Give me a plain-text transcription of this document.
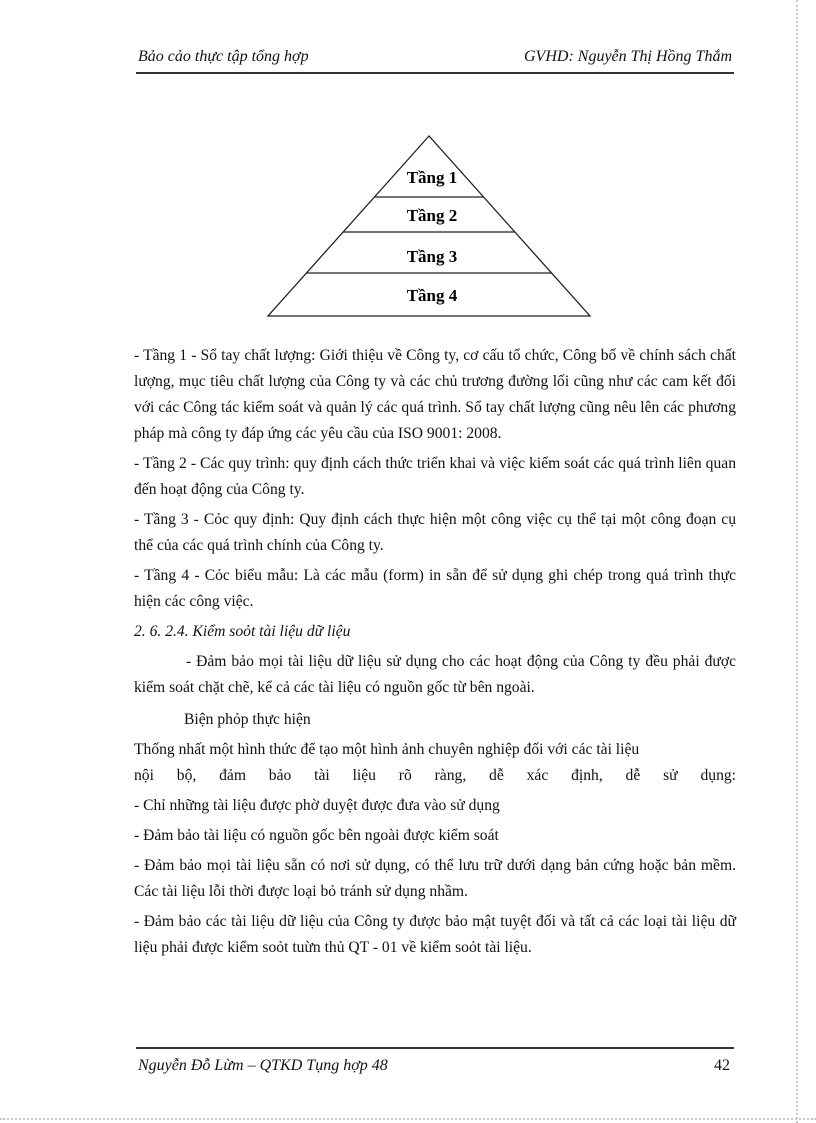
Bảo cảo thực tập tổng hợp	GVHD: Nguyễn Thị Hồng Thắm
Tầng 1
Tầng 2
Tầng 3
Tầng 4

- Tầng 1 - Sổ tay chất lượng: Giới thiệu về Công ty, cơ cấu tổ chức, Công bố về chính sách chất lượng, mục tiêu chất lượng của Công ty và các chủ trương đường lối cũng như các cam kết đối với các Công tác kiểm soát và quản lý các quá trình. Sổ tay chất lượng cũng nêu lên các phương pháp mà công ty đáp ứng các yêu cầu của ISO 9001: 2008.

- Tầng 2 - Các quy trình: quy định cách thức triển khai và việc kiểm soát các quá trình liên quan đến hoạt động của Công ty.

- Tầng 3 - Cỏc quy định: Quy định cách thực hiện một công việc cụ thể tại một công đoạn cụ thể của các quá trình chính của Công ty.

- Tầng 4 - Cỏc biểu mẫu: Là các mẫu (form) in sẵn để sử dụng ghi chép trong quá trình thực hiện các công việc.

2. 6. 2.4. Kiểm soỏt tài liệu dữ liệu

- Đảm bảo mọi tài liệu dữ liệu sử dụng cho các hoạt động của Công ty đều phải được kiểm soát chặt chẽ, kể cả các tài liệu có nguồn gốc từ bên ngoài.

Biện phỏp thực hiện

Thống nhất một hình thức để tạo một hình ảnh chuyên nghiệp đối với các tài liệu

nội bộ, đảm bảo tài liệu rõ ràng, dễ xác định, dễ sử dụng:

- Chỉ những tài liệu được phờ duyệt được đưa vào sử dụng

- Đảm bảo tài liệu có nguồn gốc bên ngoài được kiểm soát

- Đảm bảo mọi tài liệu sẵn có nơi sử dụng, có thể lưu trữ dưới dạng bản cứng hoặc bản mềm. Các tài liệu lỗi thời được loại bỏ tránh sử dụng nhầm.

- Đảm bảo các tài liệu dữ liệu của Công ty được bảo mật tuyệt đối và tất cả các loại tài liệu dữ liệu phải được kiểm soỏt tuừn thủ QT - 01 về kiểm soỏt tài liệu.

Nguyễn Đỗ Lừm – QTKD Tụng hợp 48	42
